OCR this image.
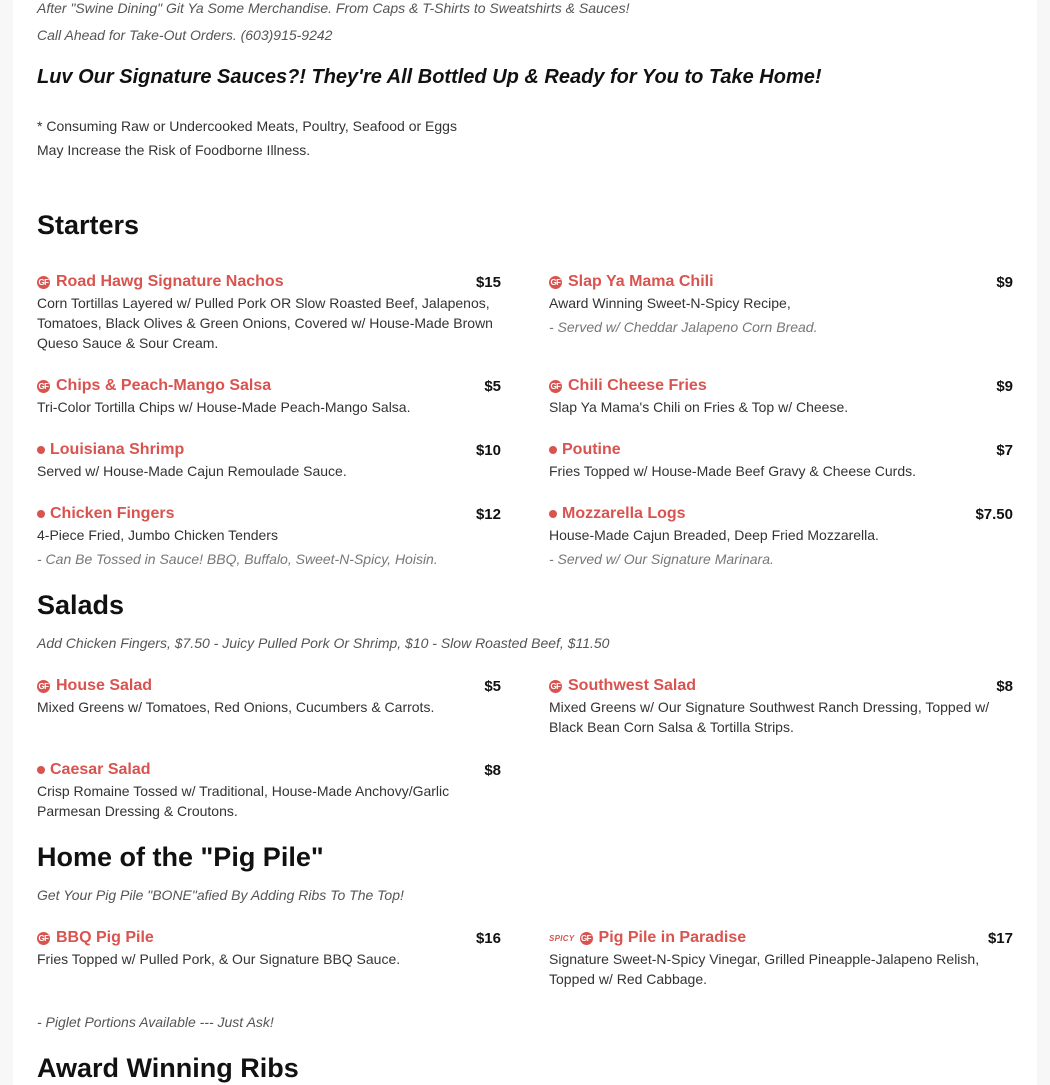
After "Swine Dining" Git Ya Some Merchandise. From Caps & T-Shirts to Sweatshirts & Sauces!
Call Ahead for Take-Out Orders. (603)915-9242
Luv Our Signature Sauces?! They're All Bottled Up & Ready for You to Take Home!
* Consuming Raw or Undercooked Meats, Poultry, Seafood or Eggs
May Increase the Risk of Foodborne Illness.
Starters
GF Road Hawg Signature Nachos	$15
Corn Tortillas Layered w/ Pulled Pork OR Slow Roasted Beef, Jalapenos, Tomatoes, Black Olives & Green Onions, Covered w/ House-Made Brown Queso Sauce & Sour Cream.
GF Slap Ya Mama Chili	$9
Award Winning Sweet-N-Spicy Recipe,
- Served w/ Cheddar Jalapeno Corn Bread.
GF Chips & Peach-Mango Salsa	$5
Tri-Color Tortilla Chips w/ House-Made Peach-Mango Salsa.
GF Chili Cheese Fries	$9
Slap Ya Mama's Chili on Fries & Top w/ Cheese.
Louisiana Shrimp	$10
Served w/ House-Made Cajun Remoulade Sauce.
Poutine	$7
Fries Topped w/ House-Made Beef Gravy & Cheese Curds.
Chicken Fingers	$12
4-Piece Fried, Jumbo Chicken Tenders
- Can Be Tossed in Sauce! BBQ, Buffalo, Sweet-N-Spicy, Hoisin.
Mozzarella Logs	$7.50
House-Made Cajun Breaded, Deep Fried Mozzarella.
- Served w/ Our Signature Marinara.
Salads
Add Chicken Fingers, $7.50 - Juicy Pulled Pork Or Shrimp, $10 - Slow Roasted Beef, $11.50
GF House Salad	$5
Mixed Greens w/ Tomatoes, Red Onions, Cucumbers & Carrots.
GF Southwest Salad	$8
Mixed Greens w/ Our Signature Southwest Ranch Dressing, Topped w/ Black Bean Corn Salsa & Tortilla Strips.
Caesar Salad	$8
Crisp Romaine Tossed w/ Traditional, House-Made Anchovy/Garlic Parmesan Dressing & Croutons.
Home of the "Pig Pile"
Get Your Pig Pile "BONE"afied By Adding Ribs To The Top!
GF BBQ Pig Pile	$16
Fries Topped w/ Pulled Pork, & Our Signature BBQ Sauce.
SPICY GF Pig Pile in Paradise	$17
Signature Sweet-N-Spicy Vinegar, Grilled Pineapple-Jalapeno Relish, Topped w/ Red Cabbage.
- Piglet Portions Available --- Just Ask!
Award Winning Ribs
